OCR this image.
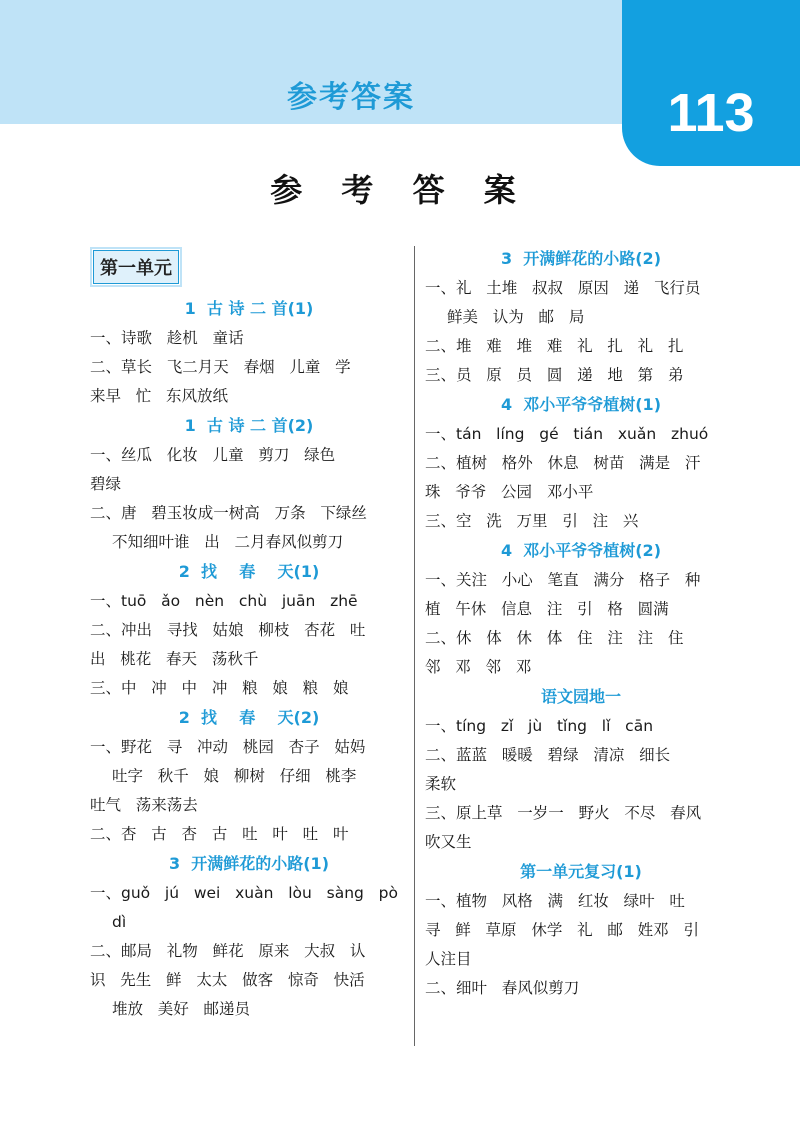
参考答案	113
参 考 答 案
第一单元
1  古 诗 二 首(1)
一、诗歌   趁机   童话
二、草长   飞二月天   春烟   儿童   学
来早   忙   东风放纸
1  古 诗 二 首(2)
一、丝瓜   化妆   儿童   剪刀   绿色
碧绿
二、唐   碧玉妆成一树高   万条   下绿丝
不知细叶谁   出   二月春风似剪刀
2  找    春    天(1)
一、tuō   ǎo   nèn   chù   juān   zhē
二、冲出   寻找   姑娘   柳枝   杏花   吐
出   桃花   春天   荡秋千
三、中   冲   中   冲   粮   娘   粮   娘
2  找    春    天(2)
一、野花   寻   冲动   桃园   杏子   姑妈
吐字   秋千   娘   柳树   仔细   桃李
吐气   荡来荡去
二、杏   古   杏   古   吐   叶   吐   叶
3  开满鲜花的小路(1)
一、guǒ   jú   wei   xuàn   lòu   sàng   pò
dì
二、邮局   礼物   鲜花   原来   大叔   认
识   先生   鲜   太太   做客   惊奇   快活
堆放   美好   邮递员
3  开满鲜花的小路(2)
一、礼   土堆   叔叔   原因   递   飞行员
鲜美   认为   邮   局
二、堆   难   堆   难   礼   扎   礼   扎
三、员   原   员   圆   递   地   第   弟
4  邓小平爷爷植树(1)
一、tán   líng   gé   tián   xuǎn   zhuó
二、植树   格外   休息   树苗   满是   汗
珠   爷爷   公园   邓小平
三、空   洗   万里   引   注   兴
4  邓小平爷爷植树(2)
一、关注   小心   笔直   满分   格子   种
植   午休   信息   注   引   格   圆满
二、休   体   休   体   住   注   注   住
邻   邓   邻   邓
语文园地一
一、tíng   zǐ   jù   tǐng   lǐ   cān
二、蓝蓝   暖暖   碧绿   清凉   细长
柔软
三、原上草   一岁一   野火   不尽   春风
吹又生
第一单元复习(1)
一、植物   风格   满   红妆   绿叶   吐
寻   鲜   草原   休学   礼   邮   姓邓   引
人注目
二、细叶   春风似剪刀
